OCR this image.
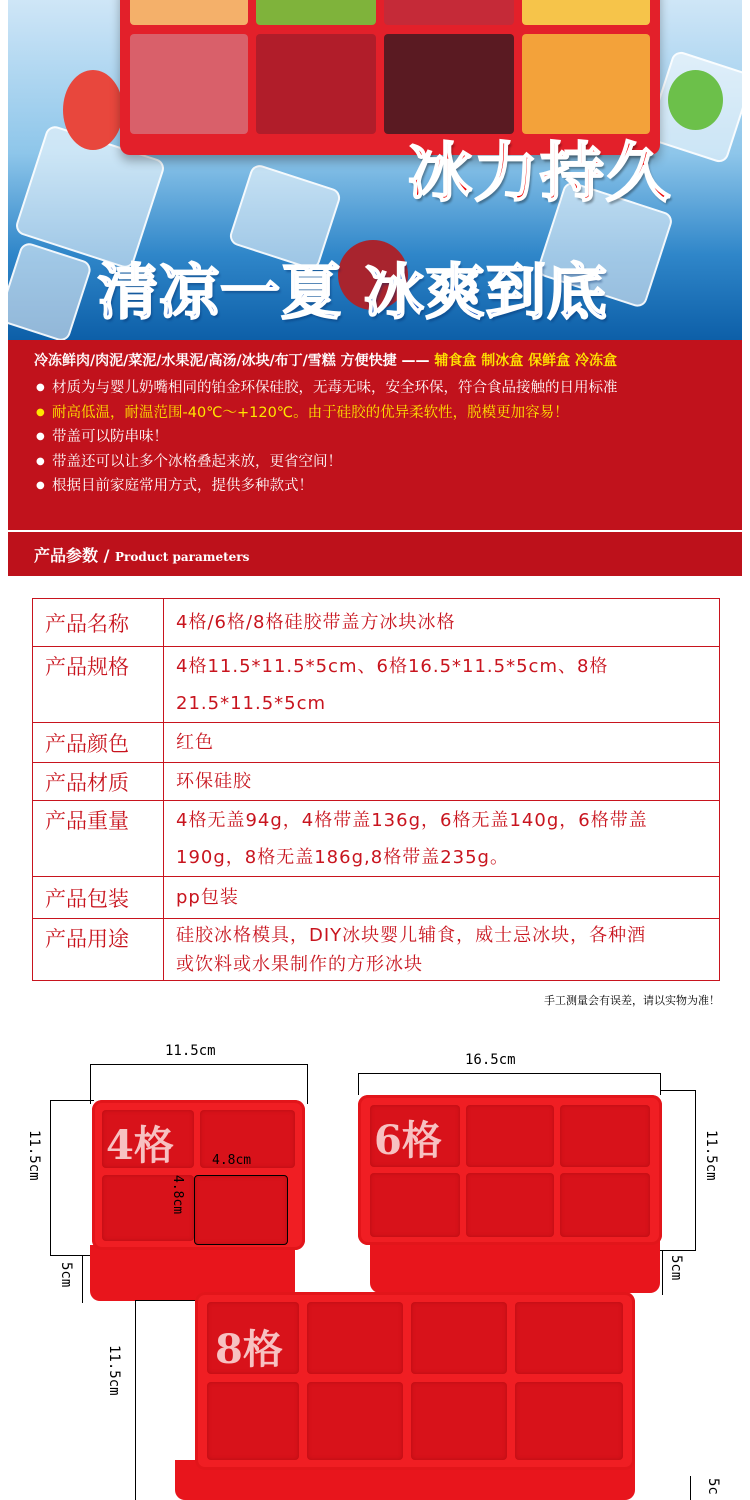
冰力持久
清凉一夏 冰爽到底
冷冻鲜肉/肉泥/菜泥/水果泥/高汤/冰块/布丁/雪糕 方便快捷 —— 辅食盒 制冰盒 保鲜盒 冷冻盒
● 材质为与婴儿奶嘴相同的铂金环保硅胶，无毒无味，安全环保，符合食品接触的日用标准
● 耐高低温，耐温范围-40℃～+120℃。由于硅胶的优异柔软性，脱模更加容易！
● 带盖可以防串味！
● 带盖还可以让多个冰格叠起来放，更省空间！
● 根据目前家庭常用方式，提供多种款式！
产品参数 / Product parameters
产品名称	4格/6格/8格硅胶带盖方冰块冰格
产品规格	4格11.5*11.5*5cm、6格16.5*11.5*5cm、8格21.5*11.5*5cm
产品颜色	红色
产品材质	环保硅胶
产品重量	4格无盖94g，4格带盖136g，6格无盖140g，6格带盖190g，8格无盖186g,8格带盖235g。
产品包装	pp包装
产品用途	硅胶冰格模具，DIY冰块婴儿辅食，威士忌冰块，各种酒或饮料或水果制作的方形冰块
手工测量会有误差，请以实物为准！
11.5cm
11.5cm
5cm
4格	4.8cm
4.8cm
16.5cm
6格	11.5cm
5cm
8格
11.5cm
5c
